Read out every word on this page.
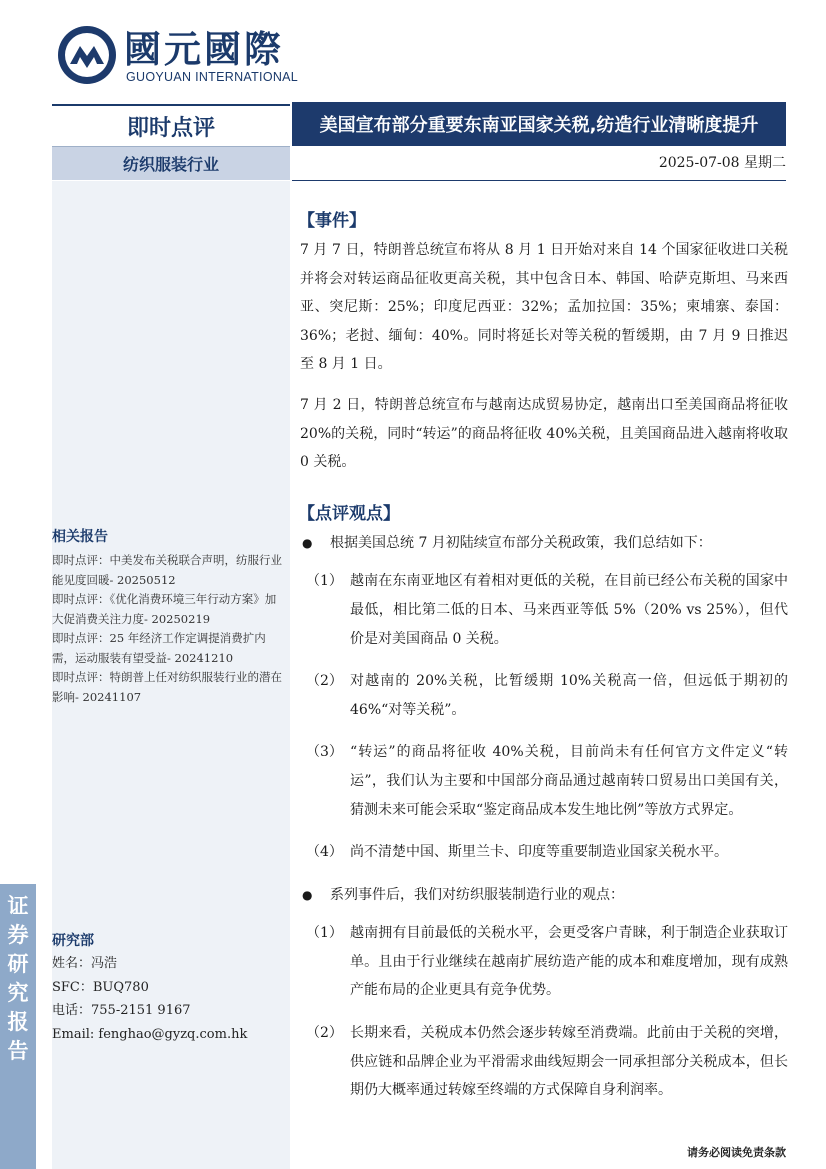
國元國際
GUOYUAN INTERNATIONAL
即时点评	美国宣布部分重要东南亚国家关税,纺造行业清晰度提升
纺织服装行业	2025-07-08 星期二
相关报告
即时点评：中美发布关税联合声明，纺服行业能见度回暖- 20250512
即时点评：《优化消费环境三年行动方案》加大促消费关注力度- 20250219
即时点评：25 年经济工作定调提消费扩内需，运动服装有望受益- 20241210
即时点评：特朗普上任对纺织服装行业的潜在影响- 20241107
研究部
姓名：冯浩
SFC：BUQ780
电话：755-2151 9167
Email: fenghao@gyzq.com.hk
证
券
研
究
报
告
【事件】

7 月 7 日，特朗普总统宣布将从 8 月 1 日开始对来自 14 个国家征收进口关税并将会对转运商品征收更高关税，其中包含日本、韩国、哈萨克斯坦、马来西亚、突尼斯：25%；印度尼西亚：32%；孟加拉国：35%；柬埔寨、泰国：36%；老挝、缅甸：40%。同时将延长对等关税的暂缓期，由 7 月 9 日推迟至 8 月 1 日。

7 月 2 日，特朗普总统宣布与越南达成贸易协定，越南出口至美国商品将征收 20%的关税，同时“转运”的商品将征收 40%关税，且美国商品进入越南将收取 0 关税。

【点评观点】
● 根据美国总统 7 月初陆续宣布部分关税政策，我们总结如下：
（1） 越南在东南亚地区有着相对更低的关税，在目前已经公布关税的国家中最低，相比第二低的日本、马来西亚等低 5%（20% vs 25%），但代价是对美国商品 0 关税。
（2） 对越南的 20%关税，比暂缓期 10%关税高一倍，但远低于期初的 46%“对等关税”。
（3） “转运”的商品将征收 40%关税，目前尚未有任何官方文件定义“转运”，我们认为主要和中国部分商品通过越南转口贸易出口美国有关，猜测未来可能会采取“鉴定商品成本发生地比例”等放方式界定。
（4） 尚不清楚中国、斯里兰卡、印度等重要制造业国家关税水平。
● 系列事件后，我们对纺织服装制造行业的观点：
（1） 越南拥有目前最低的关税水平，会更受客户青睐，利于制造企业获取订单。且由于行业继续在越南扩展纺造产能的成本和难度增加，现有成熟产能布局的企业更具有竞争优势。
（2） 长期来看，关税成本仍然会逐步转嫁至消费端。此前由于关税的突增，供应链和品牌企业为平滑需求曲线短期会一同承担部分关税成本，但长期仍大概率通过转嫁至终端的方式保障自身利润率。
请务必阅读免责条款
